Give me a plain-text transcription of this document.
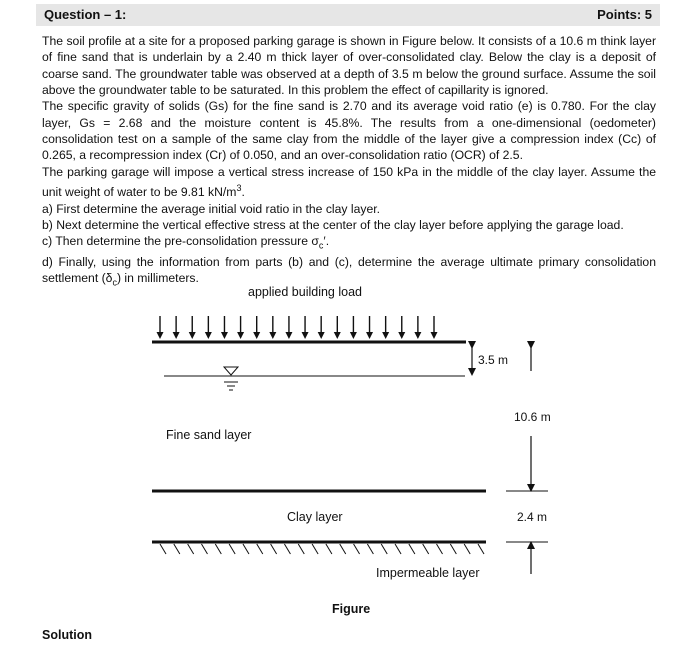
Question – 1:	Points: 5

The soil profile at a site for a proposed parking garage is shown in Figure below. It consists of a 10.6 m think layer of fine sand that is underlain by a 2.40 m thick layer of over-consolidated clay. Below the clay is a deposit of coarse sand. The groundwater table was observed at a depth of 3.5 m below the ground surface. Assume the soil above the groundwater table to be saturated. In this problem the effect of capillarity is ignored.

The specific gravity of solids (Gs) for the fine sand is 2.70 and its average void ratio (e) is 0.780. For the clay layer, Gs = 2.68 and the moisture content is 45.8%. The results from a one-dimensional (oedometer) consolidation test on a sample of the same clay from the middle of the layer give a compression index (Cc) of 0.265, a recompression index (Cr) of 0.050, and an over-consolidation ratio (OCR) of 2.5.

The parking garage will impose a vertical stress increase of 150 kPa in the middle of the clay layer. Assume the unit weight of water to be 9.81 $kN/m^3$.

a) First determine the average initial void ratio in the clay layer.

b) Next determine the vertical effective stress at the center of the clay layer before applying the garage load.

c) Then determine the pre-consolidation pressure $\sigma_c'$.

d) Finally, using the information from parts (b) and (c), determine the average ultimate primary consolidation settlement $(\delta_c)$ in millimeters.

applied building load
3.5 m
10.6 m
Fine sand layer
Clay layer	2.4 m
Impermeable layer
Figure
Solution
